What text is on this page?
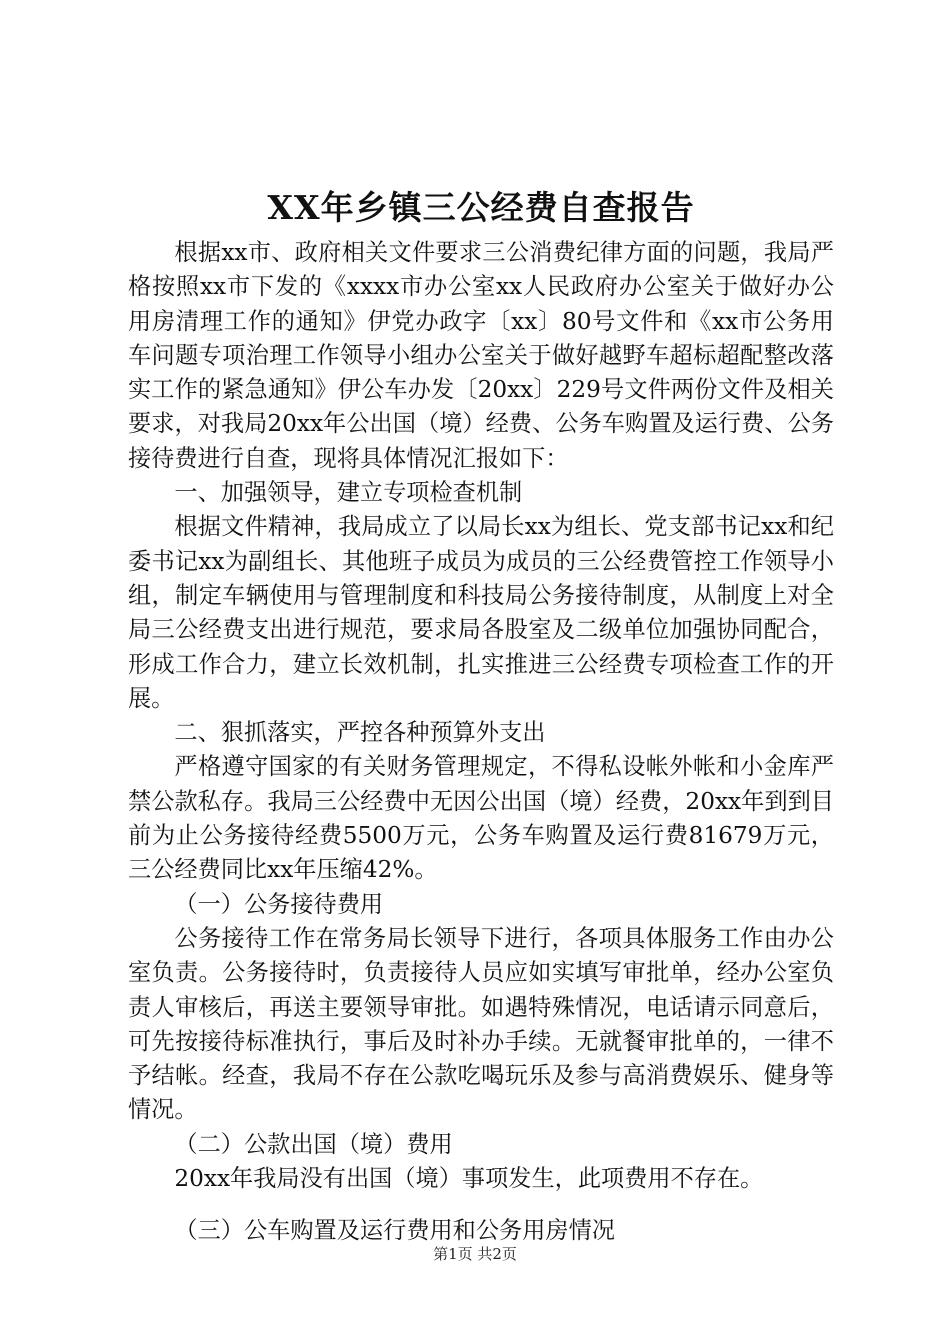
XX年乡镇三公经费自查报告

根据xx市、政府相关文件要求三公消费纪律方面的问题，我局严格按照xx市下发的《xxxx市办公室xx人民政府办公室关于做好办公用房清理工作的通知》伊党办政字〔xx〕80号文件和《xx市公务用车问题专项治理工作领导小组办公室关于做好越野车超标超配整改落实工作的紧急通知》伊公车办发〔20xx〕229号文件两份文件及相关要求，对我局20xx年公出国（境）经费、公务车购置及运行费、公务接待费进行自查，现将具体情况汇报如下：

一、加强领导，建立专项检查机制

根据文件精神，我局成立了以局长xx为组长、党支部书记xx和纪委书记xx为副组长、其他班子成员为成员的三公经费管控工作领导小组，制定车辆使用与管理制度和科技局公务接待制度，从制度上对全局三公经费支出进行规范，要求局各股室及二级单位加强协同配合，形成工作合力，建立长效机制，扎实推进三公经费专项检查工作的开展。

二、狠抓落实，严控各种预算外支出

严格遵守国家的有关财务管理规定，不得私设帐外帐和小金库严禁公款私存。我局三公经费中无因公出国（境）经费，20xx年到到目前为止公务接待经费5500万元，公务车购置及运行费81679万元，三公经费同比xx年压缩42%。

（一）公务接待费用

公务接待工作在常务局长领导下进行，各项具体服务工作由办公室负责。公务接待时，负责接待人员应如实填写审批单，经办公室负责人审核后，再送主要领导审批。如遇特殊情况，电话请示同意后，可先按接待标准执行，事后及时补办手续。无就餐审批单的，一律不予结帐。经查，我局不存在公款吃喝玩乐及参与高消费娱乐、健身等情况。

（二）公款出国（境）费用

20xx年我局没有出国（境）事项发生，此项费用不存在。

（三）公车购置及运行费用和公务用房情况

第1页 共2页
